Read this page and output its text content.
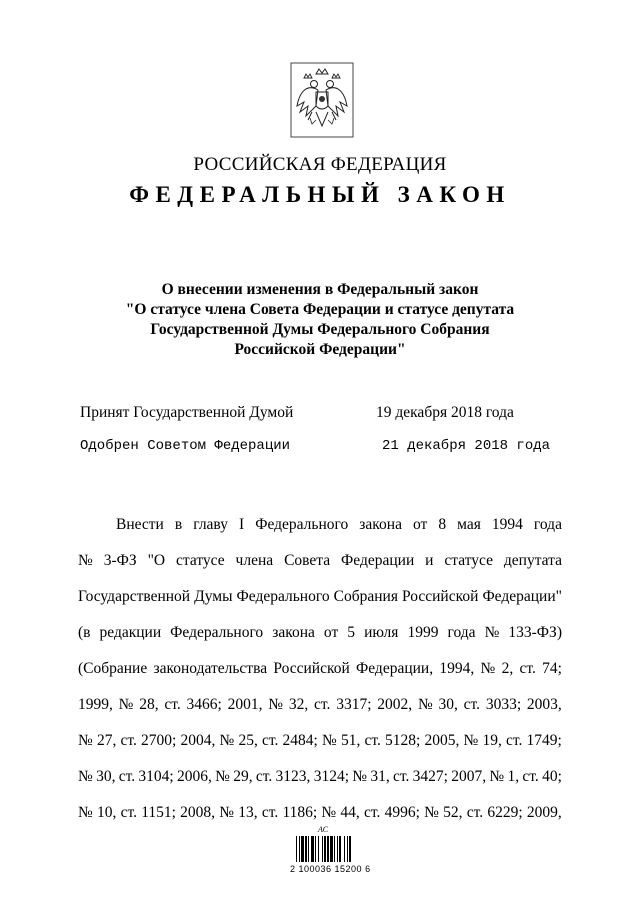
РОССИЙСКАЯ ФЕДЕРАЦИЯ
ФЕДЕРАЛЬНЫЙ ЗАКОН
О внесении изменения в Федеральный закон
"О статусе члена Совета Федерации и статусе депутата
Государственной Думы Федерального Собрания
Российской Федерации"
Принят Государственной Думой	19 декабря 2018 года
Одобрен Советом Федерации	21 декабря 2018 года
Внести в главу I Федерального закона от 8 мая 1994 года
№ 3-ФЗ "О статусе члена Совета Федерации и статусе депутата
Государственной Думы Федерального Собрания Российской Федерации"
(в редакции Федерального закона от 5 июля 1999 года № 133-ФЗ)
(Собрание законодательства Российской Федерации, 1994, № 2, ст. 74;
1999, № 28, ст. 3466; 2001, № 32, ст. 3317; 2002, № 30, ст. 3033; 2003,
№ 27, ст. 2700; 2004, № 25, ст. 2484; № 51, ст. 5128; 2005, № 19, ст. 1749;
№ 30, ст. 3104; 2006, № 29, ст. 3123, 3124; № 31, ст. 3427; 2007, № 1, ст. 40;
№ 10, ст. 1151; 2008, № 13, ст. 1186; № 44, ст. 4996; № 52, ст. 6229; 2009,
АС
2 100036 15200 6
